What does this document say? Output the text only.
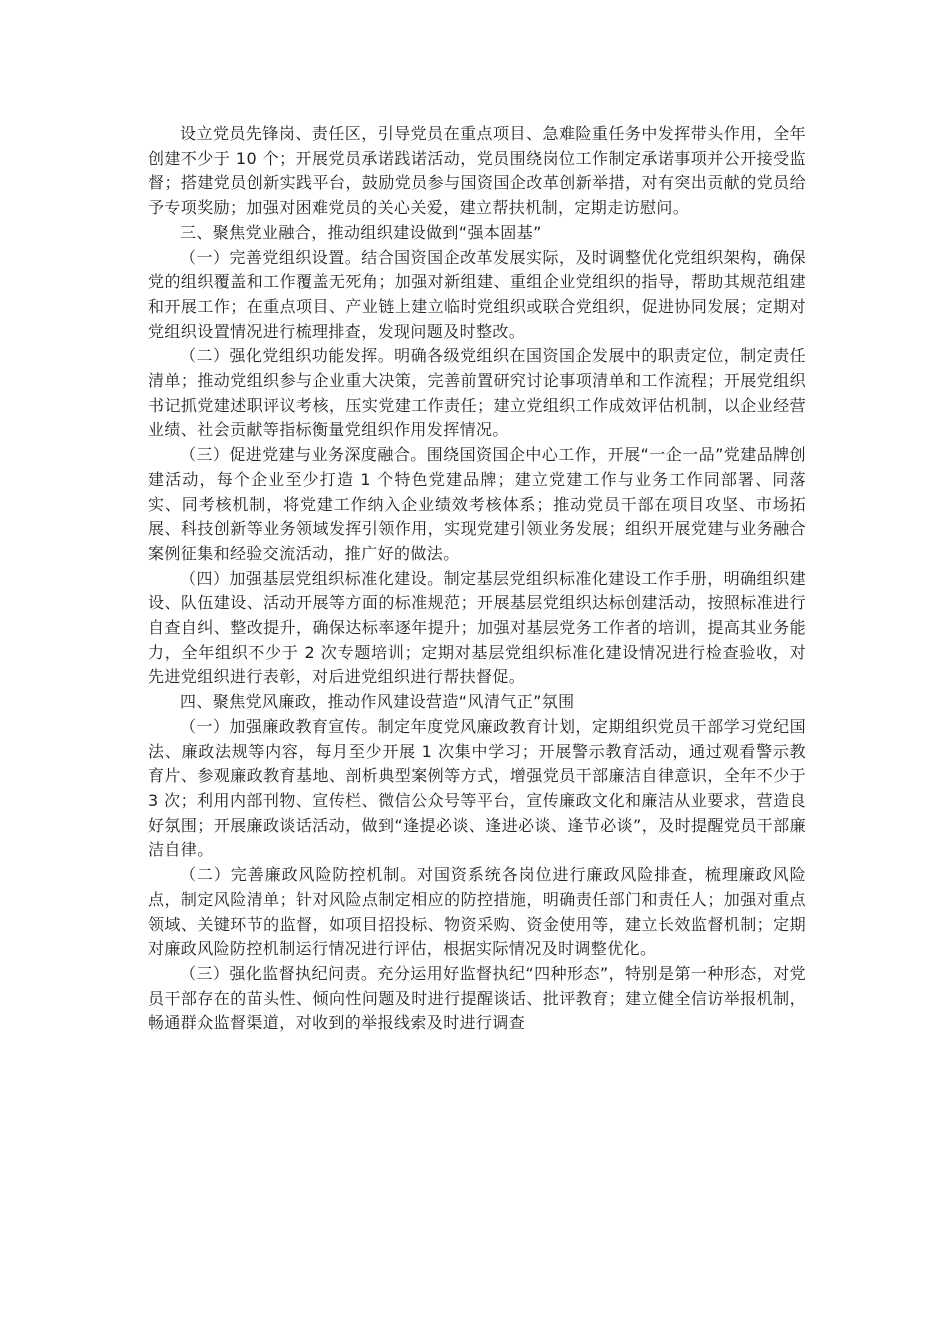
设立党员先锋岗、责任区，引导党员在重点项目、急难险重任务中发挥带头作用，全年创建不少于 10 个；开展党员承诺践诺活动，党员围绕岗位工作制定承诺事项并公开接受监督；搭建党员创新实践平台，鼓励党员参与国资国企改革创新举措，对有突出贡献的党员给予专项奖励；加强对困难党员的关心关爱，建立帮扶机制，定期走访慰问。

三、聚焦党业融合，推动组织建设做到“强本固基”

（一）完善党组织设置。结合国资国企改革发展实际，及时调整优化党组织架构，确保党的组织覆盖和工作覆盖无死角；加强对新组建、重组企业党组织的指导，帮助其规范组建和开展工作；在重点项目、产业链上建立临时党组织或联合党组织，促进协同发展；定期对党组织设置情况进行梳理排查，发现问题及时整改。

（二）强化党组织功能发挥。明确各级党组织在国资国企发展中的职责定位，制定责任清单；推动党组织参与企业重大决策，完善前置研究讨论事项清单和工作流程；开展党组织书记抓党建述职评议考核，压实党建工作责任；建立党组织工作成效评估机制，以企业经营业绩、社会贡献等指标衡量党组织作用发挥情况。

（三）促进党建与业务深度融合。围绕国资国企中心工作，开展“一企一品”党建品牌创建活动，每个企业至少打造 1 个特色党建品牌；建立党建工作与业务工作同部署、同落实、同考核机制，将党建工作纳入企业绩效考核体系；推动党员干部在项目攻坚、市场拓展、科技创新等业务领域发挥引领作用，实现党建引领业务发展；组织开展党建与业务融合案例征集和经验交流活动，推广好的做法。

（四）加强基层党组织标准化建设。制定基层党组织标准化建设工作手册，明确组织建设、队伍建设、活动开展等方面的标准规范；开展基层党组织达标创建活动，按照标准进行自查自纠、整改提升，确保达标率逐年提升；加强对基层党务工作者的培训，提高其业务能力，全年组织不少于 2 次专题培训；定期对基层党组织标准化建设情况进行检查验收，对先进党组织进行表彰，对后进党组织进行帮扶督促。

四、聚焦党风廉政，推动作风建设营造“风清气正”氛围

（一）加强廉政教育宣传。制定年度党风廉政教育计划，定期组织党员干部学习党纪国法、廉政法规等内容，每月至少开展 1 次集中学习；开展警示教育活动，通过观看警示教育片、参观廉政教育基地、剖析典型案例等方式，增强党员干部廉洁自律意识，全年不少于 3 次；利用内部刊物、宣传栏、微信公众号等平台，宣传廉政文化和廉洁从业要求，营造良好氛围；开展廉政谈话活动，做到“逢提必谈、逢进必谈、逢节必谈”，及时提醒党员干部廉洁自律。

（二）完善廉政风险防控机制。对国资系统各岗位进行廉政风险排查，梳理廉政风险点，制定风险清单；针对风险点制定相应的防控措施，明确责任部门和责任人；加强对重点领域、关键环节的监督，如项目招投标、物资采购、资金使用等，建立长效监督机制；定期对廉政风险防控机制运行情况进行评估，根据实际情况及时调整优化。

（三）强化监督执纪问责。充分运用好监督执纪“四种形态”，特别是第一种形态，对党员干部存在的苗头性、倾向性问题及时进行提醒谈话、批评教育；建立健全信访举报机制，畅通群众监督渠道，对收到的举报线索及时进行调查
